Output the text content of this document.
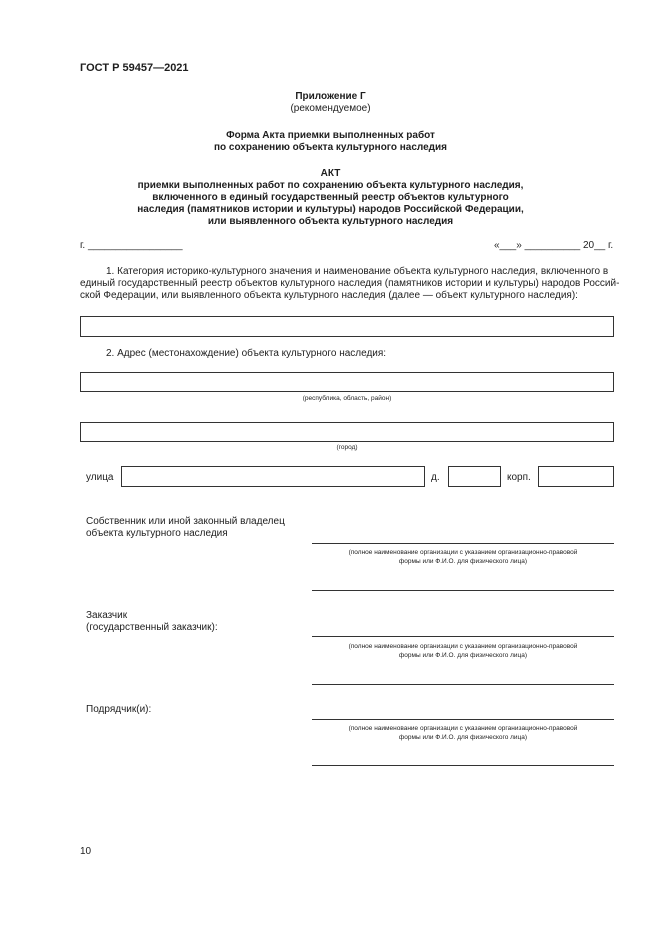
ГОСТ Р 59457—2021
Приложение Г
(рекомендуемое)
Форма Акта приемки выполненных работ
по сохранению объекта культурного наследия
АКТ
приемки выполненных работ по сохранению объекта культурного наследия,
включенного в единый государственный реестр объектов культурного
наследия (памятников истории и культуры) народов Российской Федерации,
или выявленного объекта культурного наследия
г. _________________	«___» __________ 20__ г.
1. Категория историко-культурного значения и наименование объекта культурного наследия, включенного в
единый государственный реестр объектов культурного наследия (памятников истории и культуры) народов Россий-
ской Федерации, или выявленного объекта культурного наследия (далее — объект культурного наследия):
2. Адрес (местонахождение) объекта культурного наследия:
(республика, область, район)
(город)
улица	д.	корп.
Собственник или иной законный владелец
объекта культурного наследия
(полное наименование организации с указанием организационно-правовой
формы или Ф.И.О. для физического лица)
Заказчик
(государственный заказчик):
(полное наименование организации с указанием организационно-правовой
формы или Ф.И.О. для физического лица)
Подрядчик(и):
(полное наименование организации с указанием организационно-правовой
формы или Ф.И.О. для физического лица)
10
